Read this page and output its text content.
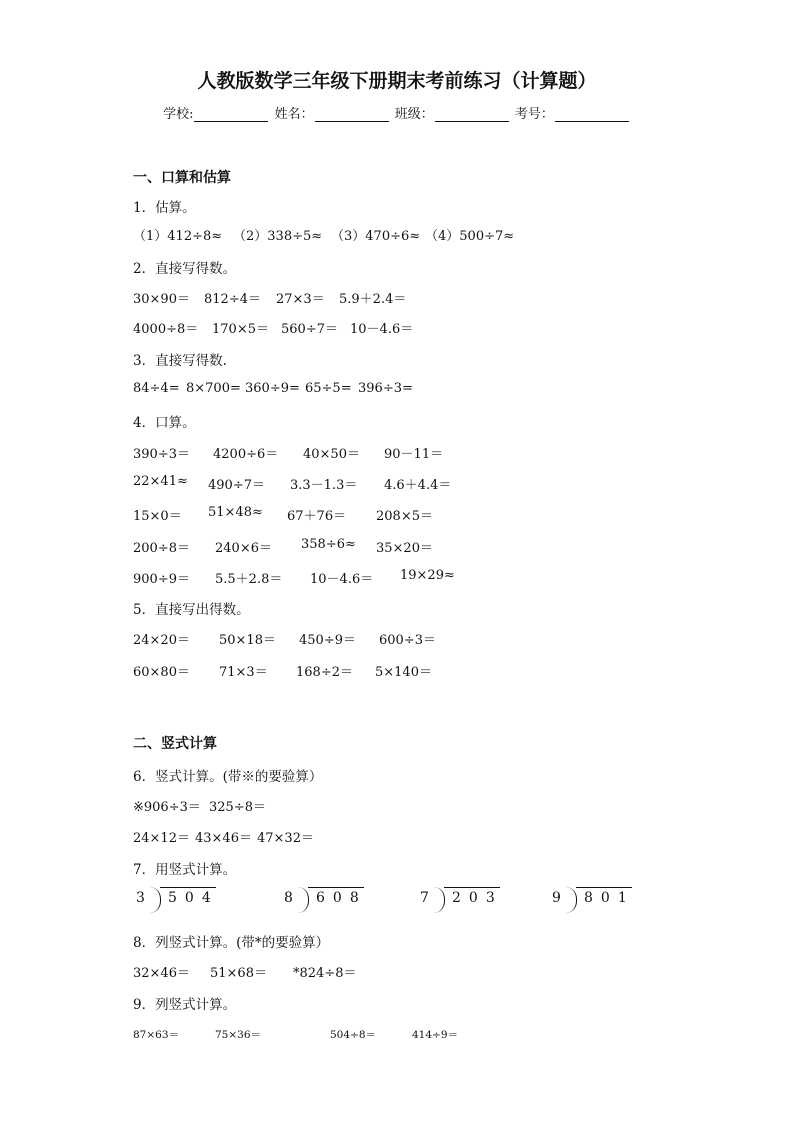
人教版数学三年级下册期末考前练习（计算题）
学校:	姓名：	班级：	考号：
一、口算和估算
1．估算。
（1）412÷8≈ （2）338÷5≈ （3）470÷6≈ （4）500÷7≈
2．直接写得数。
30×90＝ 812÷4＝ 27×3＝ 5.9＋2.4＝
4000÷8＝ 170×5＝ 560÷7＝ 10－4.6＝
3．直接写得数.
84÷4= 8×700= 360÷9= 65÷5= 396÷3=
4．口算。
390÷3＝ 4200÷6＝ 40×50＝ 90－11＝
22×41≈ 490÷7＝ 3.3－1.3＝ 4.6＋4.4＝
15×0＝ 51×48≈ 67＋76＝ 208×5＝
200÷8＝ 240×6＝ 358÷6≈ 35×20＝
900÷9＝ 5.5＋2.8＝ 10－4.6＝ 19×29≈
5．直接写出得数。
24×20＝ 50×18＝ 450÷9＝ 600÷3＝
60×80＝ 71×3＝ 168÷2＝ 5×140＝
二、竖式计算
6．竖式计算。(带※的要验算）
※906÷3＝ 325÷8＝
24×12＝ 43×46＝ 47×32＝
7．用竖式计算。
3 504	8 608	7 203	9 801
8．列竖式计算。(带*的要验算）
32×46＝ 51×68＝ *824÷8＝
9．列竖式计算。
87×63＝	75×36＝	504÷8＝	414÷9＝
